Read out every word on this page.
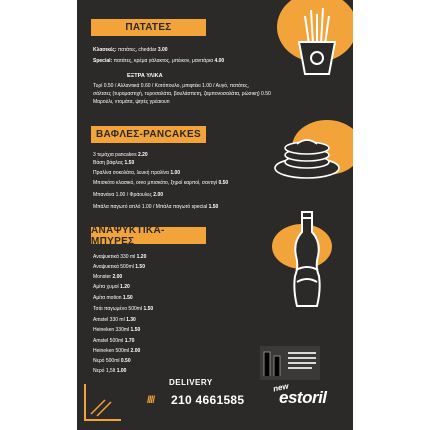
ΠΑΤΑΤΕΣ
Κλασικές: πατάτες, cheddar 3.00
Special: πατάτες, κρέμα γάλακτος, μπέικον, μανιτάρια 4.00
ΕΞΤΡΑ ΥΛΙΚΑ
Τυρί 0.50 / Αλλαντικά 0.60 / Κοτόπουλο, μπιφτέκι 1.00 / Αυγό, πατάτες,
σάλτσες (τυρομαστιχή, τυροσαλάτα, βουλάσπετη, ζαμπονοσαλάτα, ρώσικη) 0.50
Μαρούλι, ντομάτα, ψητές γρέαιουn
ΒΑΦΛΕΣ-PANCAKES
3 τεμάχια pancakes 2.20
Βάση βάφλας 1.50
Πραλίνα σοκολάτα, λευκή πραλίνα 1.00
Μπισκότο κλασικό, oreo μπισκότο, ξηροί καρποί, σαντιγί 0.50
Μπανάνα 1.00 / Φράουλες 2.00
Μπάλα παγωτό απλό 1.00 / Μπάλα παγωτό special 1.50
ΑΝΑΨΥΚΤΙΚΑ-ΜΠΥΡΕΣ
Αναψυκτικά 330 ml 1.20
Αναψυκτικά 500ml 1.50
Monster 2.00
Αμίτα χυμοί 1.20
Αμίτα motion 1.50
Τσάι παγωμένο 500ml 1.50
Amstel 330 ml 1.30
Heineken 330ml 1.50
Amstel 500ml 1.70
Heineken 500ml 2.00
Νερό 500ml 0.50
Νερό 1,5lt 1.00
DELIVERY
//// 210 4661585
new
estoril
